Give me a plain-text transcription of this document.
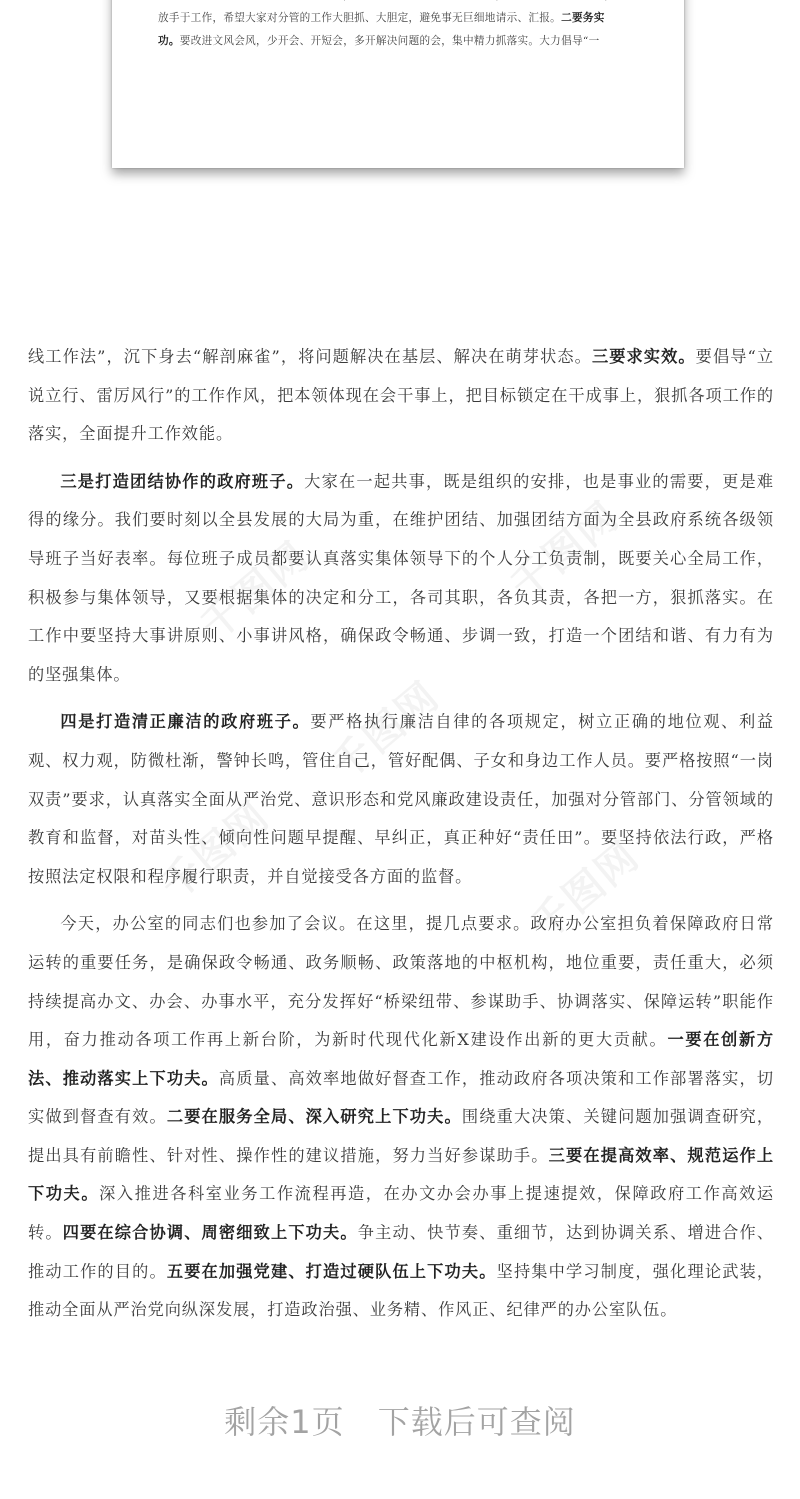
放手于工作，希望大家对分管的工作大胆抓、大胆定，避免事无巨细地请示、汇报。二要务实
功。要改进文风会风，少开会、开短会，多开解决问题的会，集中精力抓落实。大力倡导“一
千图网	千图网
千图网
千图网	千图网

线工作法”，沉下身去“解剖麻雀”，将问题解决在基层、解决在萌芽状态。三要求实效。要倡导“立说立行、雷厉风行”的工作作风，把本领体现在会干事上，把目标锁定在干成事上，狠抓各项工作的落实，全面提升工作效能。

三是打造团结协作的政府班子。大家在一起共事，既是组织的安排，也是事业的需要，更是难得的缘分。我们要时刻以全县发展的大局为重，在维护团结、加强团结方面为全县政府系统各级领导班子当好表率。每位班子成员都要认真落实集体领导下的个人分工负责制，既要关心全局工作，积极参与集体领导，又要根据集体的决定和分工，各司其职，各负其责，各把一方，狠抓落实。在工作中要坚持大事讲原则、小事讲风格，确保政令畅通、步调一致，打造一个团结和谐、有力有为的坚强集体。

四是打造清正廉洁的政府班子。要严格执行廉洁自律的各项规定，树立正确的地位观、利益观、权力观，防微杜渐，警钟长鸣，管住自己，管好配偶、子女和身边工作人员。要严格按照“一岗双责”要求，认真落实全面从严治党、意识形态和党风廉政建设责任，加强对分管部门、分管领域的教育和监督，对苗头性、倾向性问题早提醒、早纠正，真正种好“责任田”。要坚持依法行政，严格按照法定权限和程序履行职责，并自觉接受各方面的监督。

今天，办公室的同志们也参加了会议。在这里，提几点要求。政府办公室担负着保障政府日常运转的重要任务，是确保政令畅通、政务顺畅、政策落地的中枢机构，地位重要，责任重大，必须持续提高办文、办会、办事水平，充分发挥好“桥梁纽带、参谋助手、协调落实、保障运转”职能作用，奋力推动各项工作再上新台阶，为新时代现代化新X建设作出新的更大贡献。一要在创新方法、推动落实上下功夫。高质量、高效率地做好督查工作，推动政府各项决策和工作部署落实，切实做到督查有效。二要在服务全局、深入研究上下功夫。围绕重大决策、关键问题加强调查研究，提出具有前瞻性、针对性、操作性的建议措施，努力当好参谋助手。三要在提高效率、规范运作上下功夫。深入推进各科室业务工作流程再造，在办文办会办事上提速提效，保障政府工作高效运转。四要在综合协调、周密细致上下功夫。争主动、快节奏、重细节，达到协调关系、增进合作、推动工作的目的。五要在加强党建、打造过硬队伍上下功夫。坚持集中学习制度，强化理论武装，推动全面从严治党向纵深发展，打造政治强、业务精、作风正、纪律严的办公室队伍。

剩余1页　 下载后可查阅
